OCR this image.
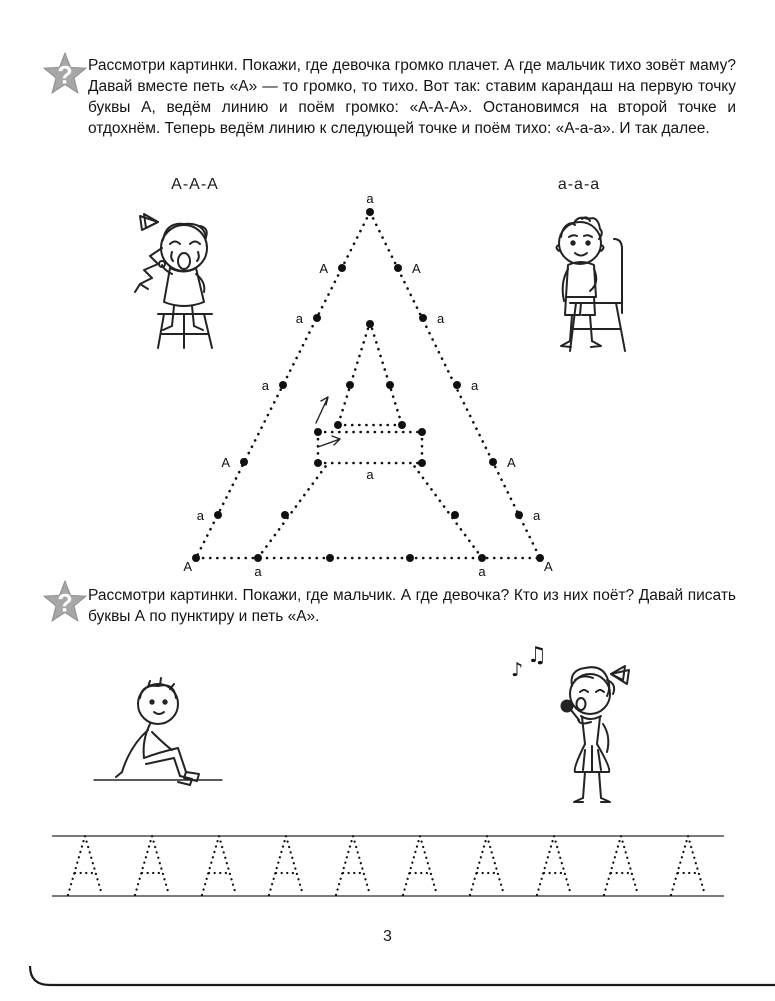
? Рассмотри картинки. Покажи, где девочка громко плачет. А где мальчик тихо зовёт маму? Давай вместе петь «А» — то громко, то тихо. Вот так: ставим карандаш на первую точку буквы А, ведём линию и поём громко: «А-А-А». Остановимся на второй точке и отдохнём. Теперь ведём линию к следующей точке и поём тихо: «А-а-а». И так далее.
А-А-А	а-а-а
а
А	А
а	а
а	а
А	А
а	а
А	А
а	а
а
? Рассмотри картинки. Покажи, где мальчик. А где девочка? Кто из них поёт? Давай писать буквы А по пунктиру и петь «А».
♪
♫
3
